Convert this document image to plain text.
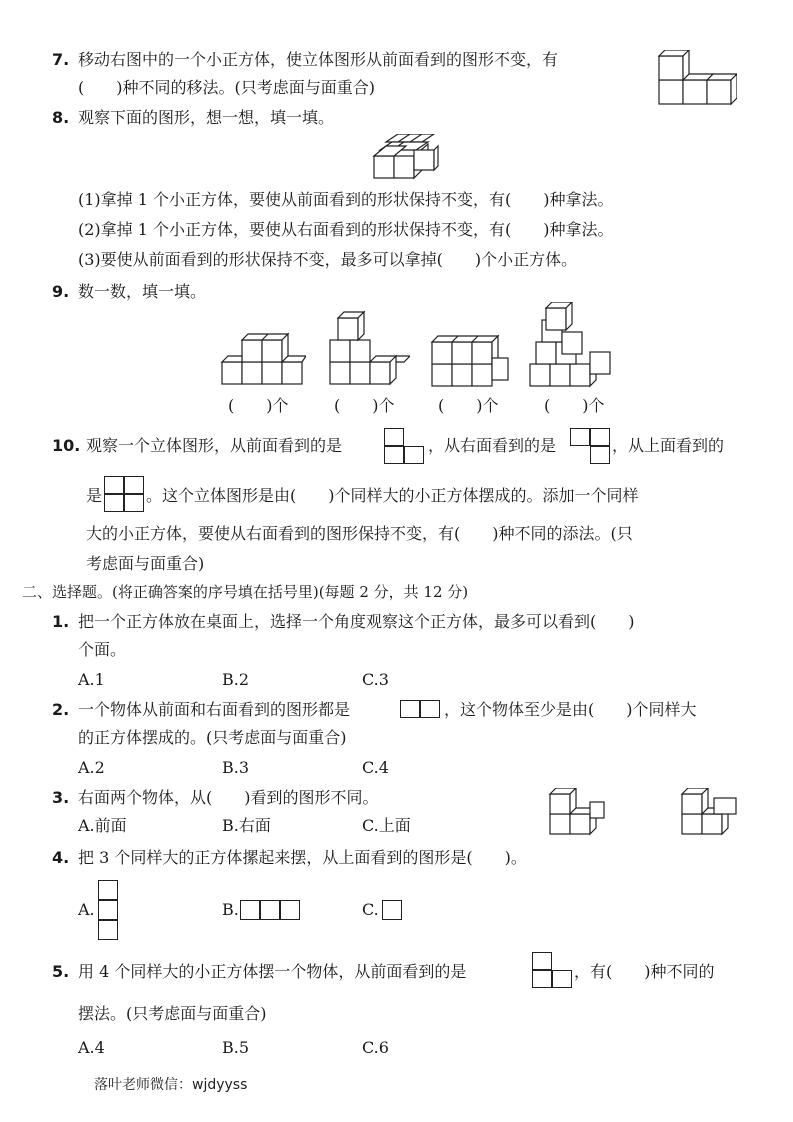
7. 移动右图中的一个小正方体，使立体图形从前面看到的图形不变，有
(　　)种不同的移法。(只考虑面与面重合)
8. 观察下面的图形，想一想，填一填。
(1)拿掉 1 个小正方体，要使从前面看到的形状保持不变，有(　　)种拿法。
(2)拿掉 1 个小正方体，要使从右面看到的形状保持不变，有(　　)种拿法。
(3)要使从前面看到的形状保持不变，最多可以拿掉(　　)个小正方体。
9. 数一数，填一填。
(　　)个	(　　)个	(　　)个	(　　)个
10. 观察一个立体图形，从前面看到的是	，从右面看到的是	，从上面看到的
是	。这个立体图形是由(　　)个同样大的小正方体摆成的。添加一个同样
大的小正方体，要使从右面看到的图形保持不变，有(　　)种不同的添法。(只
考虑面与面重合)
二、选择题。(将正确答案的序号填在括号里)(每题 2 分，共 12 分)
1. 把一个正方体放在桌面上，选择一个角度观察这个正方体，最多可以看到(　　)
个面。
A.1	B.2	C.3
2. 一个物体从前面和右面看到的图形都是	，这个物体至少是由(　　)个同样大
的正方体摆成的。(只考虑面与面重合)
A.2	B.3	C.4
3. 右面两个物体，从(　　)看到的图形不同。
A.前面	B.右面	C.上面
4. 把 3 个同样大的正方体摞起来摆，从上面看到的图形是(　　)。
A.	B.	C.
5. 用 4 个同样大的小正方体摆一个物体，从前面看到的是	，有(　　)种不同的
摆法。(只考虑面与面重合)
A.4	B.5	C.6
落叶老师微信：wjdyyss
